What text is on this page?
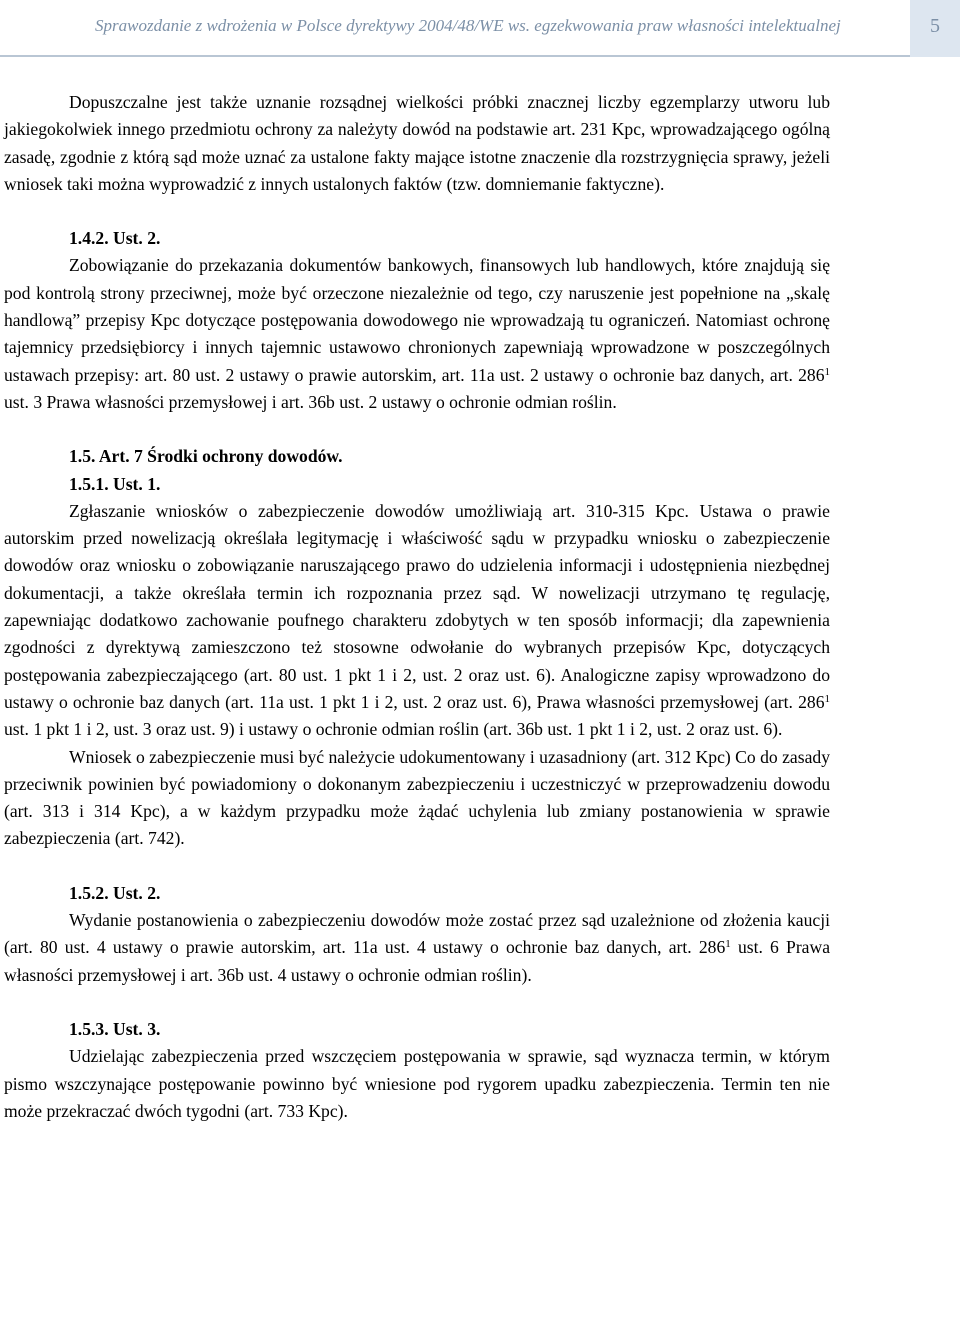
Sprawozdanie z wdrożenia w Polsce dyrektywy 2004/48/WE ws. egzekwowania praw własności intelektualnej	5

Dopuszczalne jest także uznanie rozsądnej wielkości próbki znacznej liczby egzemplarzy utworu lub jakiegokolwiek innego przedmiotu ochrony za należyty dowód na podstawie art. 231 Kpc, wprowadzającego ogólną zasadę, zgodnie z którą sąd może uznać za ustalone fakty mające istotne znaczenie dla rozstrzygnięcia sprawy, jeżeli wniosek taki można wyprowadzić z innych ustalonych faktów (tzw. domniemanie faktyczne).

1.4.2. Ust. 2.

Zobowiązanie do przekazania dokumentów bankowych, finansowych lub handlowych, które znajdują się pod kontrolą strony przeciwnej, może być orzeczone niezależnie od tego, czy naruszenie jest popełnione na „skalę handlową” przepisy Kpc dotyczące postępowania dowodowego nie wprowadzają tu ograniczeń. Natomiast ochronę tajemnicy przedsiębiorcy i innych tajemnic ustawowo chronionych zapewniają wprowadzone w poszczególnych ustawach przepisy: art. 80 ust. 2 ustawy o prawie autorskim, art. 11a ust. 2 ustawy o ochronie baz danych, art. $286^1$ ust. 3 Prawa własności przemysłowej i art. 36b ust. 2 ustawy o ochronie odmian roślin.

1.5. Art. 7 Środki ochrony dowodów.
1.5.1. Ust. 1.

Zgłaszanie wniosków o zabezpieczenie dowodów umożliwiają art. 310-315 Kpc. Ustawa o prawie autorskim przed nowelizacją określała legitymację i właściwość sądu w przypadku wniosku o zabezpieczenie dowodów oraz wniosku o zobowiązanie naruszającego prawo do udzielenia informacji i udostępnienia niezbędnej dokumentacji, a także określała termin ich rozpoznania przez sąd. W nowelizacji utrzymano tę regulację, zapewniając dodatkowo zachowanie poufnego charakteru zdobytych w ten sposób informacji; dla zapewnienia zgodności z dyrektywą zamieszczono też stosowne odwołanie do wybranych przepisów Kpc, dotyczących postępowania zabezpieczającego (art. 80 ust. 1 pkt 1 i 2, ust. 2 oraz ust. 6). Analogiczne zapisy wprowadzono do ustawy o ochronie baz danych (art. 11a ust. 1 pkt 1 i 2, ust. 2 oraz ust. 6), Prawa własności przemysłowej (art. $286^1$ ust. 1 pkt 1 i 2, ust. 3 oraz ust. 9) i ustawy o ochronie odmian roślin (art. 36b ust. 1 pkt 1 i 2, ust. 2 oraz ust. 6).

Wniosek o zabezpieczenie musi być należycie udokumentowany i uzasadniony (art. 312 Kpc) Co do zasady przeciwnik powinien być powiadomiony o dokonanym zabezpieczeniu i uczestniczyć w przeprowadzeniu dowodu (art. 313 i 314 Kpc), a w każdym przypadku może żądać uchylenia lub zmiany postanowienia w sprawie zabezpieczenia (art. 742).

1.5.2. Ust. 2.

Wydanie postanowienia o zabezpieczeniu dowodów może zostać przez sąd uzależnione od złożenia kaucji (art. 80 ust. 4 ustawy o prawie autorskim, art. 11a ust. 4 ustawy o ochronie baz danych, art. $286^1$ ust. 6 Prawa własności przemysłowej i art. 36b ust. 4 ustawy o ochronie odmian roślin).

1.5.3. Ust. 3.

Udzielając zabezpieczenia przed wszczęciem postępowania w sprawie, sąd wyznacza termin, w którym pismo wszczynające postępowanie powinno być wniesione pod rygorem upadku zabezpieczenia. Termin ten nie może przekraczać dwóch tygodni (art. 733 Kpc).
